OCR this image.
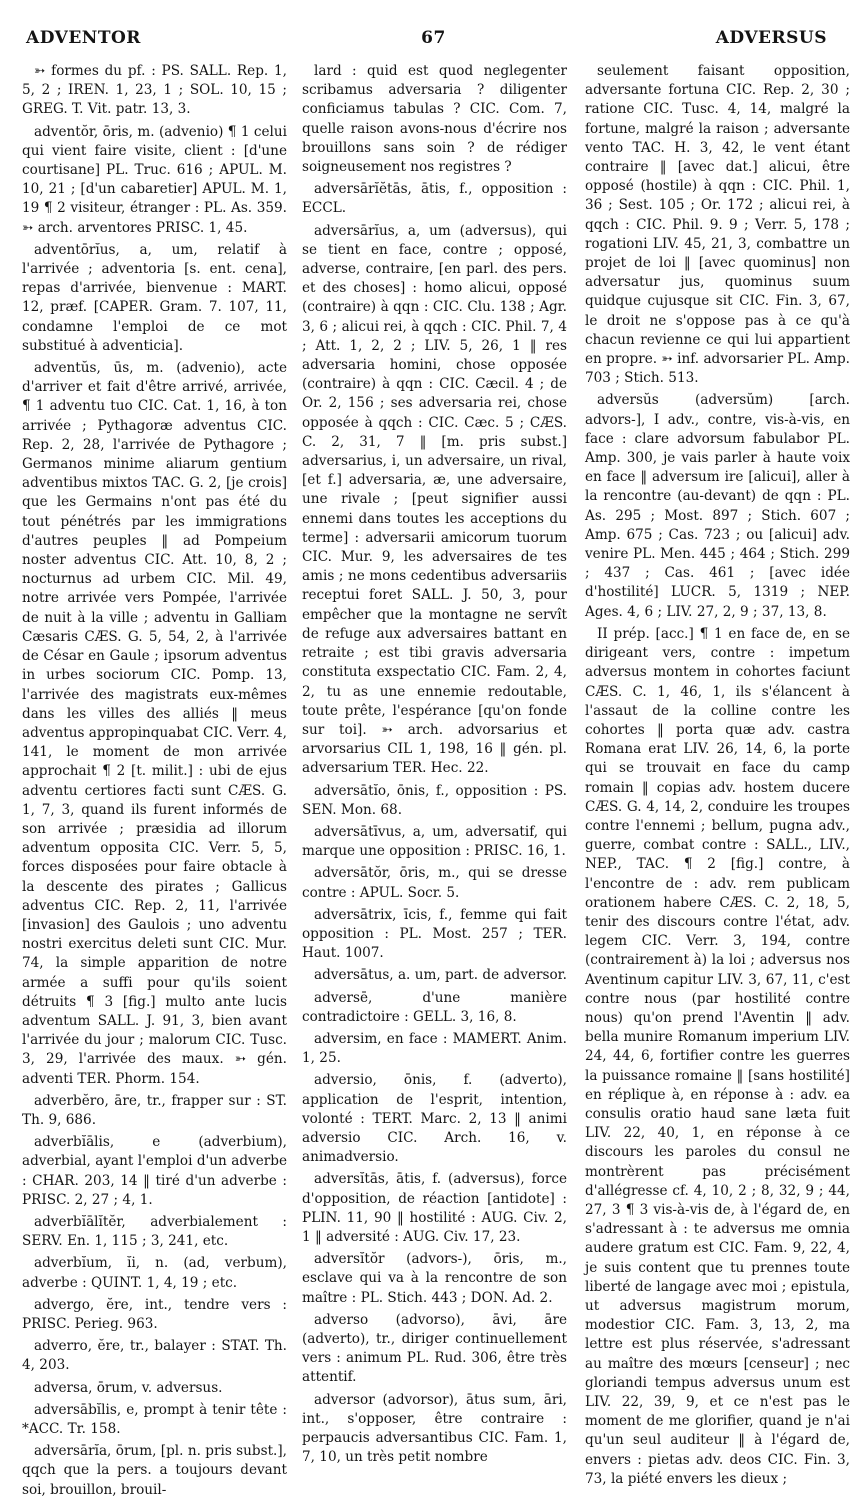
ADVENTOR	67	ADVERSUS

➳ formes du pf. : PS. SALL. Rep. 1, 5, 2 ; IREN. 1, 23, 1 ; SOL. 10, 15 ; GREG. T. Vit. patr. 13, 3.

adventŏr, ōris, m. (advenio) ¶ 1 celui qui vient faire visite, client : [d'une courtisane] PL. Truc. 616 ; APUL. M. 10, 21 ; [d'un cabaretier] APUL. M. 1, 19 ¶ 2 visiteur, étranger : PL. As. 359. ➳ arch. arventores PRISC. 1, 45.

adventōrĭus, a, um, relatif à l'arrivée ; adventoria [s. ent. cena], repas d'arrivée, bienvenue : MART. 12, præf. [CAPER. Gram. 7. 107, 11, condamne l'emploi de ce mot substitué à adventicia].

adventŭs, ūs, m. (advenio), acte d'arriver et fait d'être arrivé, arrivée, ¶ 1 adventu tuo CIC. Cat. 1, 16, à ton arrivée ; Pythagoræ adventus CIC. Rep. 2, 28, l'arrivée de Pythagore ; Germanos minime aliarum gentium adventibus mixtos TAC. G. 2, [je crois] que les Germains n'ont pas été du tout pénétrés par les immigrations d'autres peuples ‖ ad Pompeium noster adventus CIC. Att. 10, 8, 2 ; nocturnus ad urbem CIC. Mil. 49, notre arrivée vers Pompée, l'arrivée de nuit à la ville ; adventu in Galliam Cæsaris CÆS. G. 5, 54, 2, à l'arrivée de César en Gaule ; ipsorum adventus in urbes sociorum CIC. Pomp. 13, l'arrivée des magistrats eux-mêmes dans les villes des alliés ‖ meus adventus appropinquabat CIC. Verr. 4, 141, le moment de mon arrivée approchait ¶ 2 [t. milit.] : ubi de ejus adventu certiores facti sunt CÆS. G. 1, 7, 3, quand ils furent informés de son arrivée ; præsidia ad illorum adventum opposita CIC. Verr. 5, 5, forces disposées pour faire obtacle à la descente des pirates ; Gallicus adventus CIC. Rep. 2, 11, l'arrivée [invasion] des Gaulois ; uno adventu nostri exercitus deleti sunt CIC. Mur. 74, la simple apparition de notre armée a suffi pour qu'ils soient détruits ¶ 3 [fig.] multo ante lucis adventum SALL. J. 91, 3, bien avant l'arrivée du jour ; malorum CIC. Tusc. 3, 29, l'arrivée des maux. ➳ gén. adventi TER. Phorm. 154.

adverbĕro, āre, tr., frapper sur : ST. Th. 9, 686.

adverbĭālis, e (adverbium), adverbial, ayant l'emploi d'un adverbe : CHAR. 203, 14 ‖ tiré d'un adverbe : PRISC. 2, 27 ; 4, 1.

adverbĭālĭtĕr, adverbialement : SERV. En. 1, 115 ; 3, 241, etc.

adverbĭum, ĭi, n. (ad, verbum), adverbe : QUINT. 1, 4, 19 ; etc.

advergo, ĕre, int., tendre vers : PRISC. Perieg. 963.

adverro, ĕre, tr., balayer : STAT. Th. 4, 203.

adversa, ōrum, v. adversus.

adversābĭlis, e, prompt à tenir tête : *ACC. Tr. 158.

adversārĭa, ōrum, [pl. n. pris subst.], qqch que la pers. a toujours devant soi, brouillon, brouil-

lard : quid est quod neglegenter scribamus adversaria ? diligenter conficiamus tabulas ? CIC. Com. 7, quelle raison avons-nous d'écrire nos brouillons sans soin ? de rédiger soigneusement nos registres ?

adversārĭĕtās, ātis, f., opposition : ECCL.

adversārĭus, a, um (adversus), qui se tient en face, contre ; opposé, adverse, contraire, [en parl. des pers. et des choses] : homo alicui, opposé (contraire) à qqn : CIC. Clu. 138 ; Agr. 3, 6 ; alicui rei, à qqch : CIC. Phil. 7, 4 ; Att. 1, 2, 2 ; LIV. 5, 26, 1 ‖ res adversaria homini, chose opposée (contraire) à qqn : CIC. Cæcil. 4 ; de Or. 2, 156 ; ses adversaria rei, chose opposée à qqch : CIC. Cæc. 5 ; CÆS. C. 2, 31, 7 ‖ [m. pris subst.] adversarius, i, un adversaire, un rival, [et f.] adversaria, æ, une adversaire, une rivale ; [peut signifier aussi ennemi dans toutes les acceptions du terme] : adversarii amicorum tuorum CIC. Mur. 9, les adversaires de tes amis ; ne mons cedentibus adversariis receptui foret SALL. J. 50, 3, pour empêcher que la montagne ne servît de refuge aux adversaires battant en retraite ; est tibi gravis adversaria constituta exspectatio CIC. Fam. 2, 4, 2, tu as une ennemie redoutable, toute prête, l'espérance [qu'on fonde sur toi]. ➳ arch. advorsarius et arvorsarius CIL 1, 198, 16 ‖ gén. pl. adversarium TER. Hec. 22.

adversātĭo, ōnis, f., opposition : PS. SEN. Mon. 68.

adversātīvus, a, um, adversatif, qui marque une opposition : PRISC. 16, 1.

adversātŏr, ōris, m., qui se dresse contre : APUL. Socr. 5.

adversātrix, īcis, f., femme qui fait opposition : PL. Most. 257 ; TER. Haut. 1007.

adversātus, a. um, part. de adversor.

adversē, d'une manière contradictoire : GELL. 3, 16, 8.

adversim, en face : MAMERT. Anim. 1, 25.

adversio, ōnis, f. (adverto), application de l'esprit, intention, volonté : TERT. Marc. 2, 13 ‖ animi adversio CIC. Arch. 16, v. animadversio.

adversĭtās, ātis, f. (adversus), force d'opposition, de réaction [antidote] : PLIN. 11, 90 ‖ hostilité : AUG. Civ. 2, 1 ‖ adversité : AUG. Civ. 17, 23.

adversĭtŏr (advors-), ōris, m., esclave qui va à la rencontre de son maître : PL. Stich. 443 ; DON. Ad. 2.

adverso (advorso), āvi, āre (adverto), tr., diriger continuellement vers : animum PL. Rud. 306, être très attentif.

adversor (advorsor), ātus sum, āri, int., s'opposer, être contraire : perpaucis adversantibus CIC. Fam. 1, 7, 10, un très petit nombre

seulement faisant opposition, adversante fortuna CIC. Rep. 2, 30 ; ratione CIC. Tusc. 4, 14, malgré la fortune, malgré la raison ; adversante vento TAC. H. 3, 42, le vent étant contraire ‖ [avec dat.] alicui, être opposé (hostile) à qqn : CIC. Phil. 1, 36 ; Sest. 105 ; Or. 172 ; alicui rei, à qqch : CIC. Phil. 9. 9 ; Verr. 5, 178 ; rogationi LIV. 45, 21, 3, combattre un projet de loi ‖ [avec quominus] non adversatur jus, quominus suum quidque cujusque sit CIC. Fin. 3, 67, le droit ne s'oppose pas à ce qu'à chacun revienne ce qui lui appartient en propre. ➳ inf. advorsarier PL. Amp. 703 ; Stich. 513.

adversŭs (adversŭm) [arch. advors-], I adv., contre, vis-à-vis, en face : clare advorsum fabulabor PL. Amp. 300, je vais parler à haute voix en face ‖ adversum ire [alicui], aller à la rencontre (au-devant) de qqn : PL. As. 295 ; Most. 897 ; Stich. 607 ; Amp. 675 ; Cas. 723 ; ou [alicui] adv. venire PL. Men. 445 ; 464 ; Stich. 299 ; 437 ; Cas. 461 ; [avec idée d'hostilité] LUCR. 5, 1319 ; NEP. Ages. 4, 6 ; LIV. 27, 2, 9 ; 37, 13, 8.

II prép. [acc.] ¶ 1 en face de, en se dirigeant vers, contre : impetum adversus montem in cohortes faciunt CÆS. C. 1, 46, 1, ils s'élancent à l'assaut de la colline contre les cohortes ‖ porta quæ adv. castra Romana erat LIV. 26, 14, 6, la porte qui se trouvait en face du camp romain ‖ copias adv. hostem ducere CÆS. G. 4, 14, 2, conduire les troupes contre l'ennemi ; bellum, pugna adv., guerre, combat contre : SALL., LIV., NEP., TAC. ¶ 2 [fig.] contre, à l'encontre de : adv. rem publicam orationem habere CÆS. C. 2, 18, 5, tenir des discours contre l'état, adv. legem CIC. Verr. 3, 194, contre (contrairement à) la loi ; adversus nos Aventinum capitur LIV. 3, 67, 11, c'est contre nous (par hostilité contre nous) qu'on prend l'Aventin ‖ adv. bella munire Romanum imperium LIV. 24, 44, 6, fortifier contre les guerres la puissance romaine ‖ [sans hostilité] en réplique à, en réponse à : adv. ea consulis oratio haud sane læta fuit LIV. 22, 40, 1, en réponse à ce discours les paroles du consul ne montrèrent pas précisément d'allégresse cf. 4, 10, 2 ; 8, 32, 9 ; 44, 27, 3 ¶ 3 vis-à-vis de, à l'égard de, en s'adressant à : te adversus me omnia audere gratum est CIC. Fam. 9, 22, 4, je suis content que tu prennes toute liberté de langage avec moi ; epistula, ut adversus magistrum morum, modestior CIC. Fam. 3, 13, 2, ma lettre est plus réservée, s'adressant au maître des mœurs [censeur] ; nec gloriandi tempus adversus unum est LIV. 22, 39, 9, et ce n'est pas le moment de me glorifier, quand je n'ai qu'un seul auditeur ‖ à l'égard de, envers : pietas adv. deos CIC. Fin. 3, 73, la piété envers les dieux ;
